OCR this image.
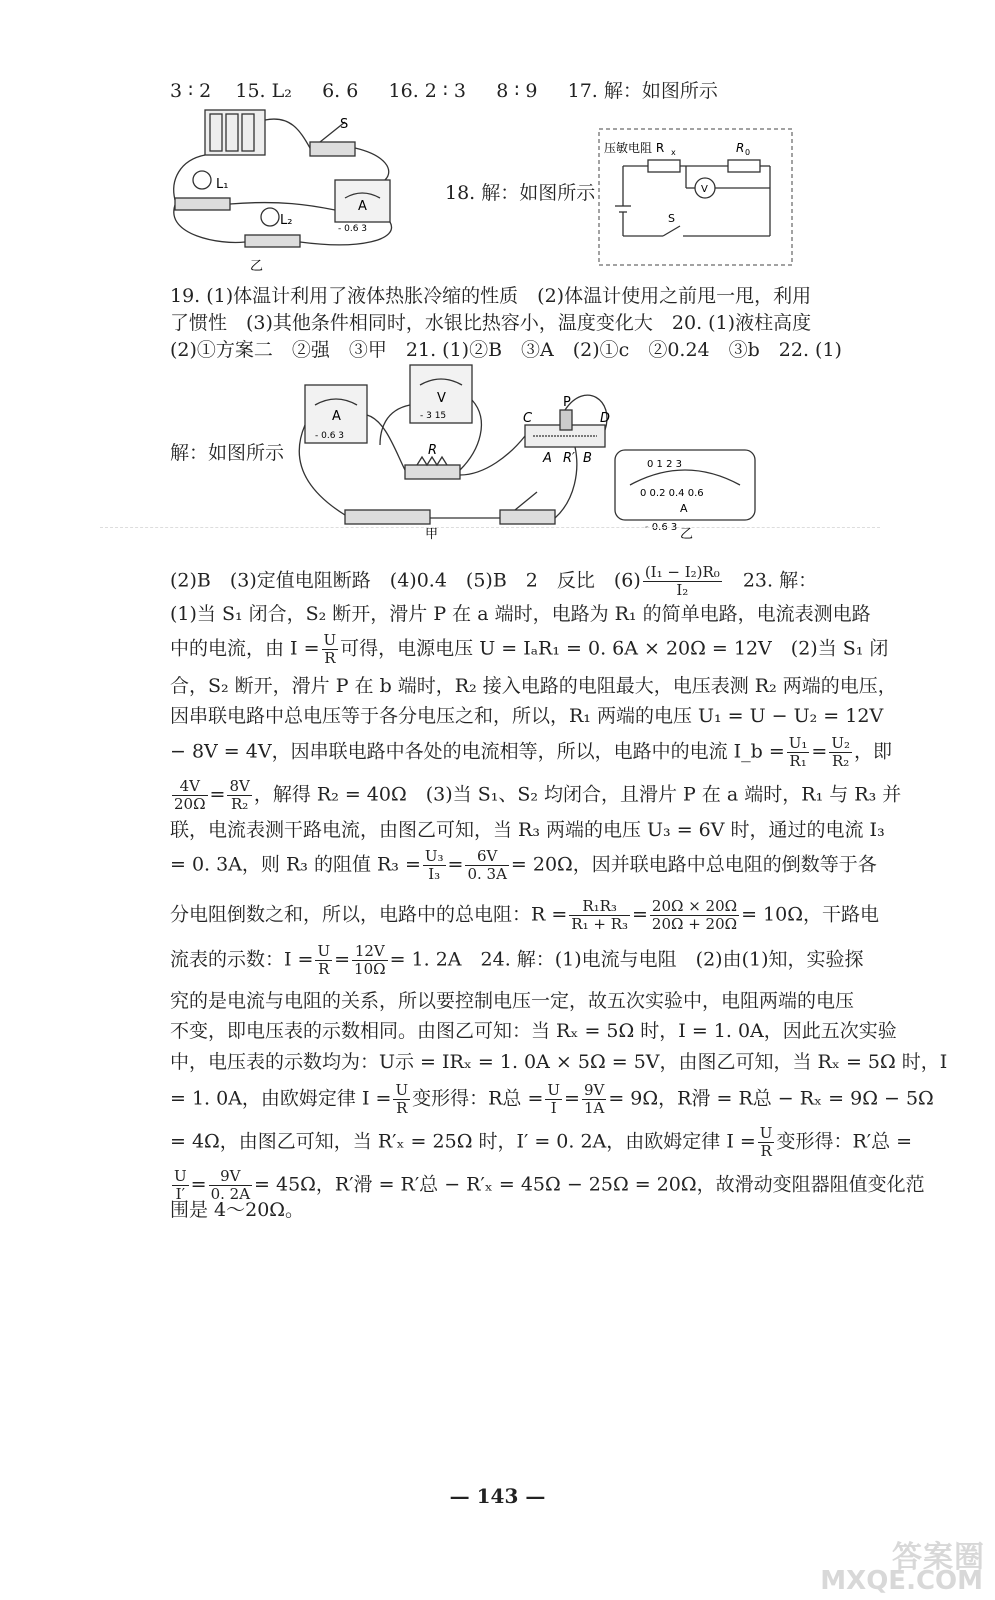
3 ∶ 2 15. L₂ 6. 6 16. 2 ∶ 3 8 ∶ 9 17. 解：如图所示
S
L₁
L₂
A
- 0.6 3
乙
18. 解：如图所示
压敏电阻 R x	R 0
V
S
19. (1)体温计利用了液体热胀冷缩的性质　(2)体温计使用之前甩一甩，利用
了惯性　(3)其他条件相同时，水银比热容小，温度变化大　20. (1)液柱高度
(2)①方案二　②强　③甲　21. (1)②B　③A　(2)①c　②0.24　③b　22. (1)
解：如图所示
A
- 0.6 3
V
- 3 15
R
P
C	D
A R′ B	0 1 2 3
0 0.2 0.4 0.6
A
- 0.6 3
甲	乙
(2)B　(3)定值电阻断路　(4)0.4　(5)B　2　反比　$(6) \frac{\text{(I₁ − I₂)R₀}}{\text{I₂}}$ 　23. 解：
(1)当 S₁ 闭合，S₂ 断开，滑片 P 在 a 端时，电路为 R₁ 的简单电路，电流表测电路
中的电流，由 $I = \frac{U}{R}$ 可得，电源电压 U = IₐR₁ = 0. 6A × 20Ω = 12V　(2)当 S₁ 闭
合，S₂ 断开，滑片 P 在 b 端时，R₂ 接入电路的电阻最大，电压表测 R₂ 两端的电压，
因串联电路中总电压等于各分电压之和，所以，R₁ 两端的电压 U₁ = U − U₂ = 12V
− 8V = 4V，因串联电路中各处的电流相等，所以，电路中的电流 I_b = $\frac{\text{U₁}}{\text{R₁}} = \frac{\text{U₂}}{\text{R₂}}$ ，即
$\frac{4V}{20\Omega} = \frac{8V}{\text{R₂}}$ ，解得 R₂ = 40Ω　(3)当 S₁、S₂ 均闭合，且滑片 P 在 a 端时，R₁ 与 R₃ 并
联，电流表测干路电流，由图乙可知，当 R₃ 两端的电压 U₃ = 6V 时，通过的电流 I₃
= 0. 3A，则 R₃ 的阻值 $R_3 = \frac{\text{U₃}}{\text{I₃}} = \frac{6V}{0. 3A} = 20\Omega$，因并联电路中总电阻的倒数等于各
分电阻倒数之和，所以，电路中的总电阻：$R = \frac{\text{R₁R₃}}{\text{R₁ + R₃}} = \frac{20\Omega \times 20\Omega}{20\Omega + 20\Omega} = 10\Omega$，干路电
流表的示数：$I = \frac{U}{R} = \frac{12V}{10\Omega} = 1$. 2A　24. 解：(1)电流与电阻　(2)由(1)知，实验探
究的是电流与电阻的关系，所以要控制电压一定，故五次实验中，电阻两端的电压
不变，即电压表的示数相同。由图乙可知：当 Rₓ = 5Ω 时，I = 1. 0A，因此五次实验
中，电压表的示数均为：U示 = IRₓ = 1. 0A × 5Ω = 5V，由图乙可知，当 Rₓ = 5Ω 时，I
= 1. 0A，由欧姆定律 $I = \frac{U}{R}$ 变形得：R总 = $\frac{U}{I} = \frac{9V}{1A} = 9\Omega$，R滑 = R总 − Rₓ = 9Ω − 5Ω
= 4Ω，由图乙可知，当 R′ₓ = 25Ω 时，I′ = 0. 2A，由欧姆定律 $I = \frac{U}{R}$ 变形得：R′总 =
$\frac{U}{I'} = \frac{9V}{0. 2A} = 45\Omega$，R′滑 = R′总 − R′ₓ = 45Ω − 25Ω = 20Ω，故滑动变阻器阻值变化范
围是 4～20Ω。
— 143 —
答案圈
MXQE.COM
